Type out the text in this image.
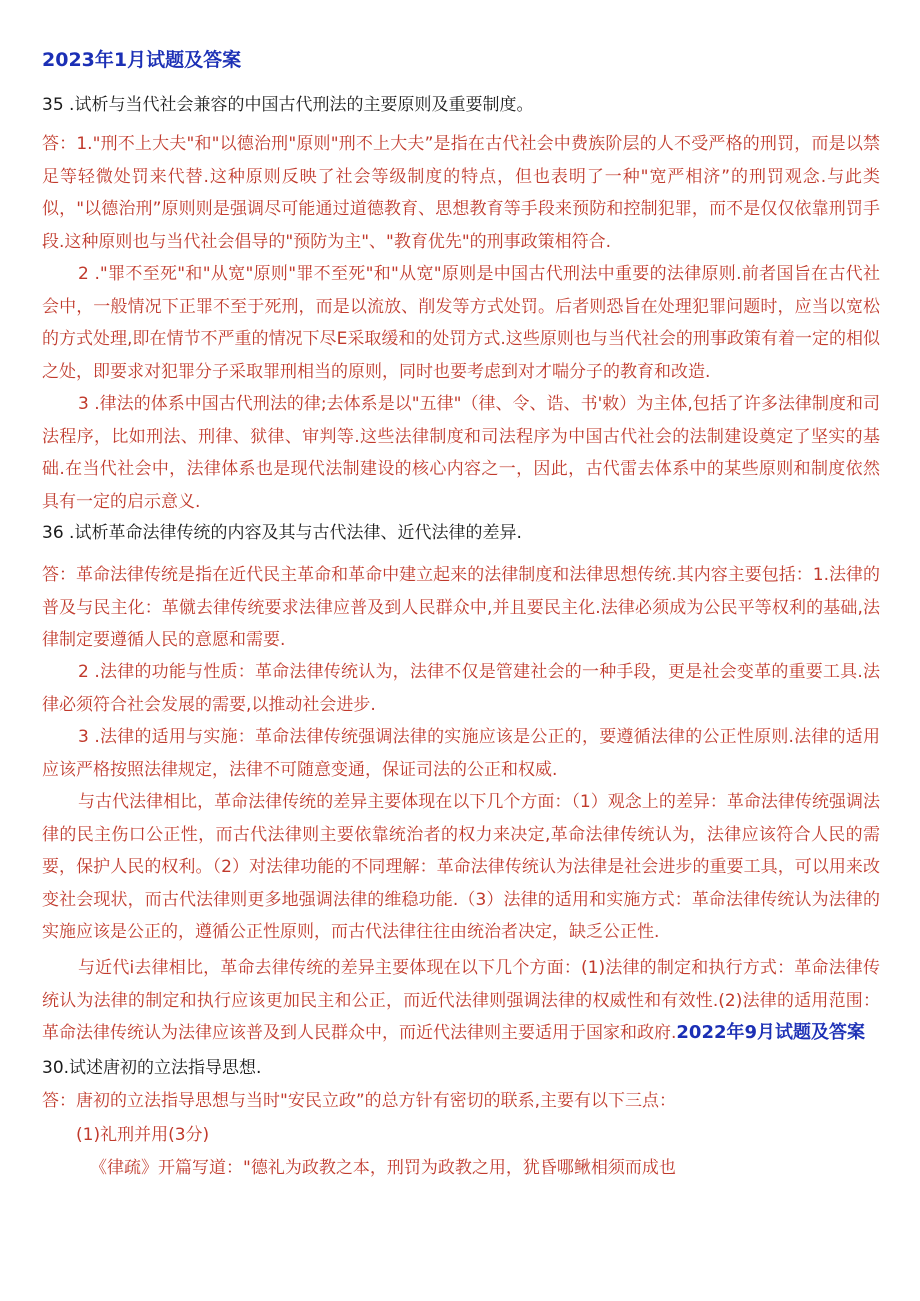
2023年1月试题及答案
35 .试析与当代社会兼容的中国古代刑法的主要原则及重要制度。

答：1."刑不上大夫"和"以德治刑"原则"刑不上大夫”是指在古代社会中费族阶层的人不受严格的刑罚，而是以禁足等轻微处罚来代替.这种原则反映了社会等级制度的特点，但也表明了一种"宽严相济”的刑罚观念.与此类似，"以德治刑”原则则是强调尽可能通过道德教育、思想教育等手段来预防和控制犯罪，而不是仅仅依靠刑罚手段.这种原则也与当代社会倡导的"预防为主"、"教育优先"的刑事政策相符合.

2 ."罪不至死"和"从宽"原则"罪不至死"和"从宽"原则是中国古代刑法中重要的法律原则.前者国旨在古代社会中，一般情况下正罪不至于死刑，而是以流放、削发等方式处罚。后者则恐旨在处理犯罪问题时，应当以宽松的方式处理,即在情节不严重的情况下尽E采取缓和的处罚方式.这些原则也与当代社会的刑事政策有着一定的相似之处，即要求对犯罪分子采取罪刑相当的原则，同时也要考虑到对才喘分子的教育和改造.

3 .律法的体系中国古代刑法的律;去体系是以"五律"（律、令、诰、书'敕）为主体,包括了许多法律制度和司法程序，比如刑法、刑律、狱律、审判等.这些法律制度和司法程序为中国古代社会的法制建设奠定了坚实的基础.在当代社会中，法律体系也是现代法制建设的核心内容之一，因此，古代雷去体系中的某些原则和制度依然具有一定的启示意义.

36 .试析革命法律传统的内容及其与古代法律、近代法律的差异.

答：革命法律传统是指在近代民主革命和革命中建立起来的法律制度和法律思想传统.其内容主要包括：1.法律的普及与民主化：革僦去律传统要求法律应普及到人民群众中,并且要民主化.法律必须成为公民平等权利的基础,法律制定要遵循人民的意愿和需要.

2 .法律的功能与性质：革命法律传统认为，法律不仅是管建社会的一种手段，更是社会变革的重要工具.法律必须符合社会发展的需要,以推动社会进步.

3 .法律的适用与实施：革命法律传统强调法律的实施应该是公正的，要遵循法律的公正性原则.法律的适用应该严格按照法律规定，法律不可随意变通，保证司法的公正和权威.

与古代法律相比，革命法律传统的差异主要体现在以下几个方面：（1）观念上的差异：革命法律传统强调法律的民主伤口公正性，而古代法律则主要依靠统治者的权力来决定,革命法律传统认为，法律应该符合人民的需要，保护人民的权利。（2）对法律功能的不同理解：革命法律传统认为法律是社会进步的重要工具，可以用来改变社会现状，而古代法律则更多地强调法律的维稳功能.（3）法律的适用和实施方式：革命法律传统认为法律的实施应该是公正的，遵循公正性原则，而古代法律往往由统治者决定，缺乏公正性.

与近代i去律相比，革命去律传统的差异主要体现在以下几个方面：(1)法律的制定和执行方式：革命法律传统认为法律的制定和执行应该更加民主和公正，而近代法律则强调法律的权威性和有效性.(2)法律的适用范围：革命法律传统认为法律应该普及到人民群众中，而近代法律则主要适用于国家和政府.2022年9月试题及答案

30.试述唐初的立法指导思想.
答：唐初的立法指导思想与当时"安民立政”的总方针有密切的联系,主要有以下三点：
(1)礼刑并用(3分)
《律疏》开篇写道："德礼为政教之本，刑罚为政教之用，犹昏哪鳅相须而成也
